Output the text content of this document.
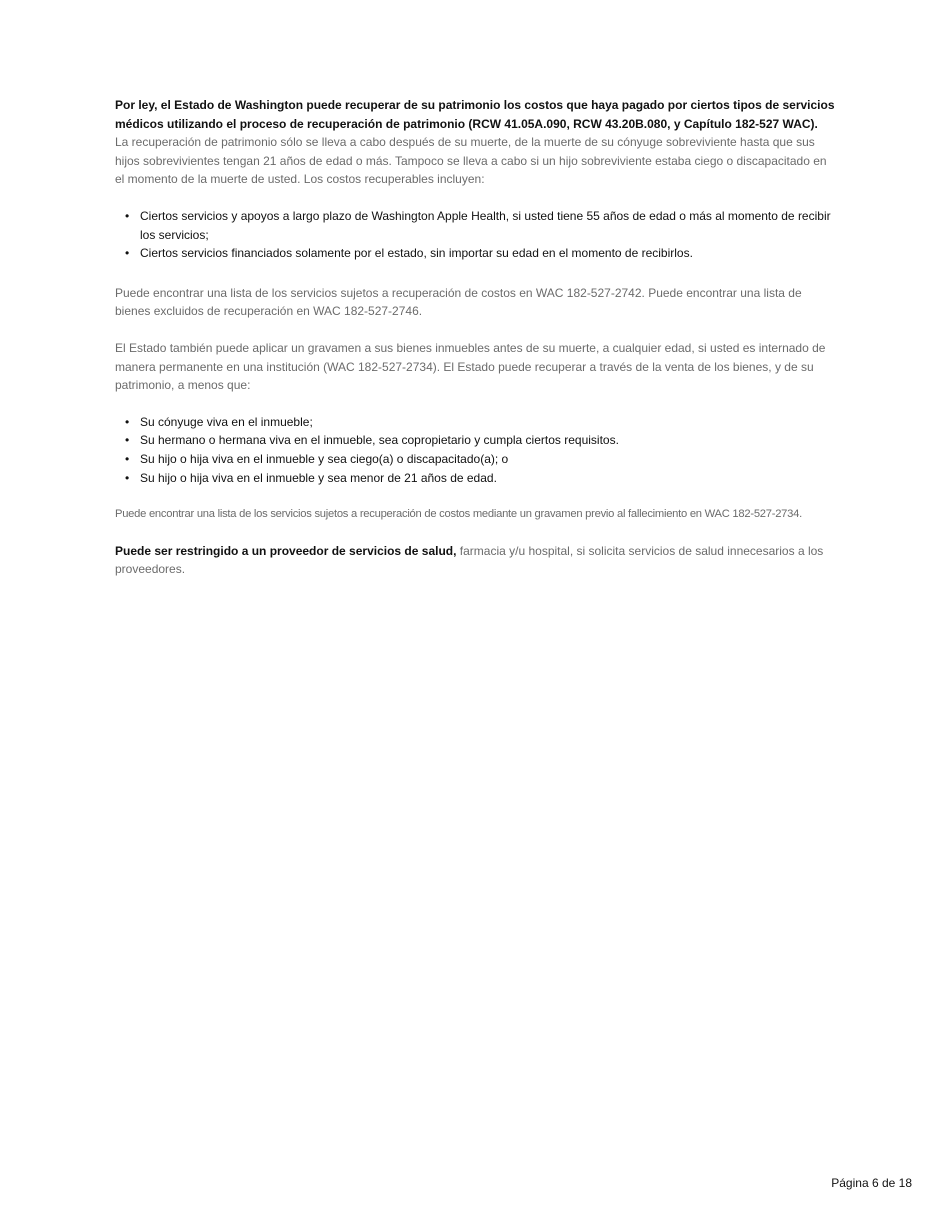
Por ley, el Estado de Washington puede recuperar de su patrimonio los costos que haya pagado por ciertos tipos de servicios médicos utilizando el proceso de recuperación de patrimonio (RCW 41.05A.090, RCW 43.20B.080, y Capítulo 182-527 WAC).
La recuperación de patrimonio sólo se lleva a cabo después de su muerte, de la muerte de su cónyuge sobreviviente hasta que sus hijos sobrevivientes tengan 21 años de edad o más. Tampoco se lleva a cabo si un hijo sobreviviente estaba ciego o discapacitado en el momento de la muerte de usted. Los costos recuperables incluyen:

• Ciertos servicios y apoyos a largo plazo de Washington Apple Health, si usted tiene 55 años de edad o más al momento de recibir los servicios;
• Ciertos servicios financiados solamente por el estado, sin importar su edad en el momento de recibirlos.

Puede encontrar una lista de los servicios sujetos a recuperación de costos en WAC 182-527-2742. Puede encontrar una lista de bienes excluidos de recuperación en WAC 182-527-2746.

El Estado también puede aplicar un gravamen a sus bienes inmuebles antes de su muerte, a cualquier edad, si usted es internado de manera permanente en una institución (WAC 182-527-2734). El Estado puede recuperar a través de la venta de los bienes, y de su patrimonio, a menos que:

• Su cónyuge viva en el inmueble;
• Su hermano o hermana viva en el inmueble, sea copropietario y cumpla ciertos requisitos.
• Su hijo o hija viva en el inmueble y sea ciego(a) o discapacitado(a); o
• Su hijo o hija viva en el inmueble y sea menor de 21 años de edad.

Puede encontrar una lista de los servicios sujetos a recuperación de costos mediante un gravamen previo al fallecimiento en WAC 182-527-2734.

Puede ser restringido a un proveedor de servicios de salud, farmacia y/u hospital, si solicita servicios de salud innecesarios a los proveedores.

Página 6 de 18
